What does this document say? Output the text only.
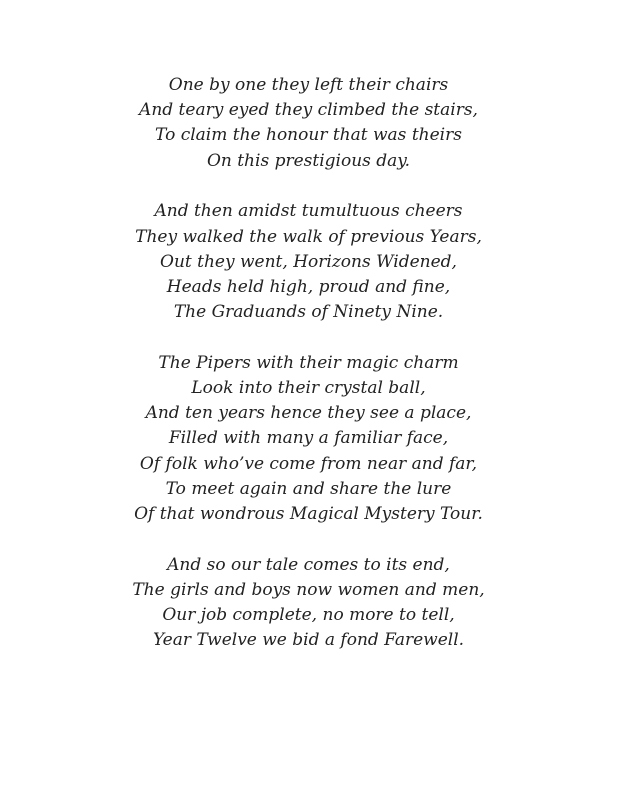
One by one they left their chairs
And teary eyed they climbed the stairs,
To claim the honour that was theirs
On this prestigious day.
And then amidst tumultuous cheers
They walked the walk of previous Years,
Out they went, Horizons Widened,
Heads held high, proud and fine,
The Graduands of Ninety Nine.
The Pipers with their magic charm
Look into their crystal ball,
And ten years hence they see a place,
Filled with many a familiar face,
Of folk who’ve come from near and far,
To meet again and share the lure
Of that wondrous Magical Mystery Tour.
And so our tale comes to its end,
The girls and boys now women and men,
Our job complete, no more to tell,
Year Twelve we bid a fond Farewell.
